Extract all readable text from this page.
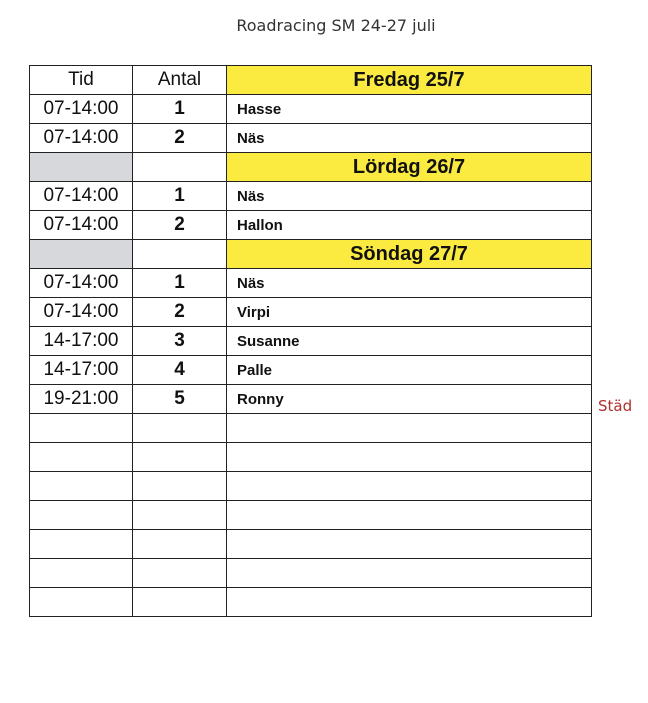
Roadracing SM 24-27 juli
Tid	Antal	Fredag 25/7
07-14:00	1	Hasse
07-14:00	2	Näs
		Lördag 26/7
07-14:00	1	Näs
07-14:00	2	Hallon
		Söndag 27/7
07-14:00	1	Näs
07-14:00	2	Virpi
14-17:00	3	Susanne
14-17:00	4	Palle
19-21:00	5	Ronny

			Städ
